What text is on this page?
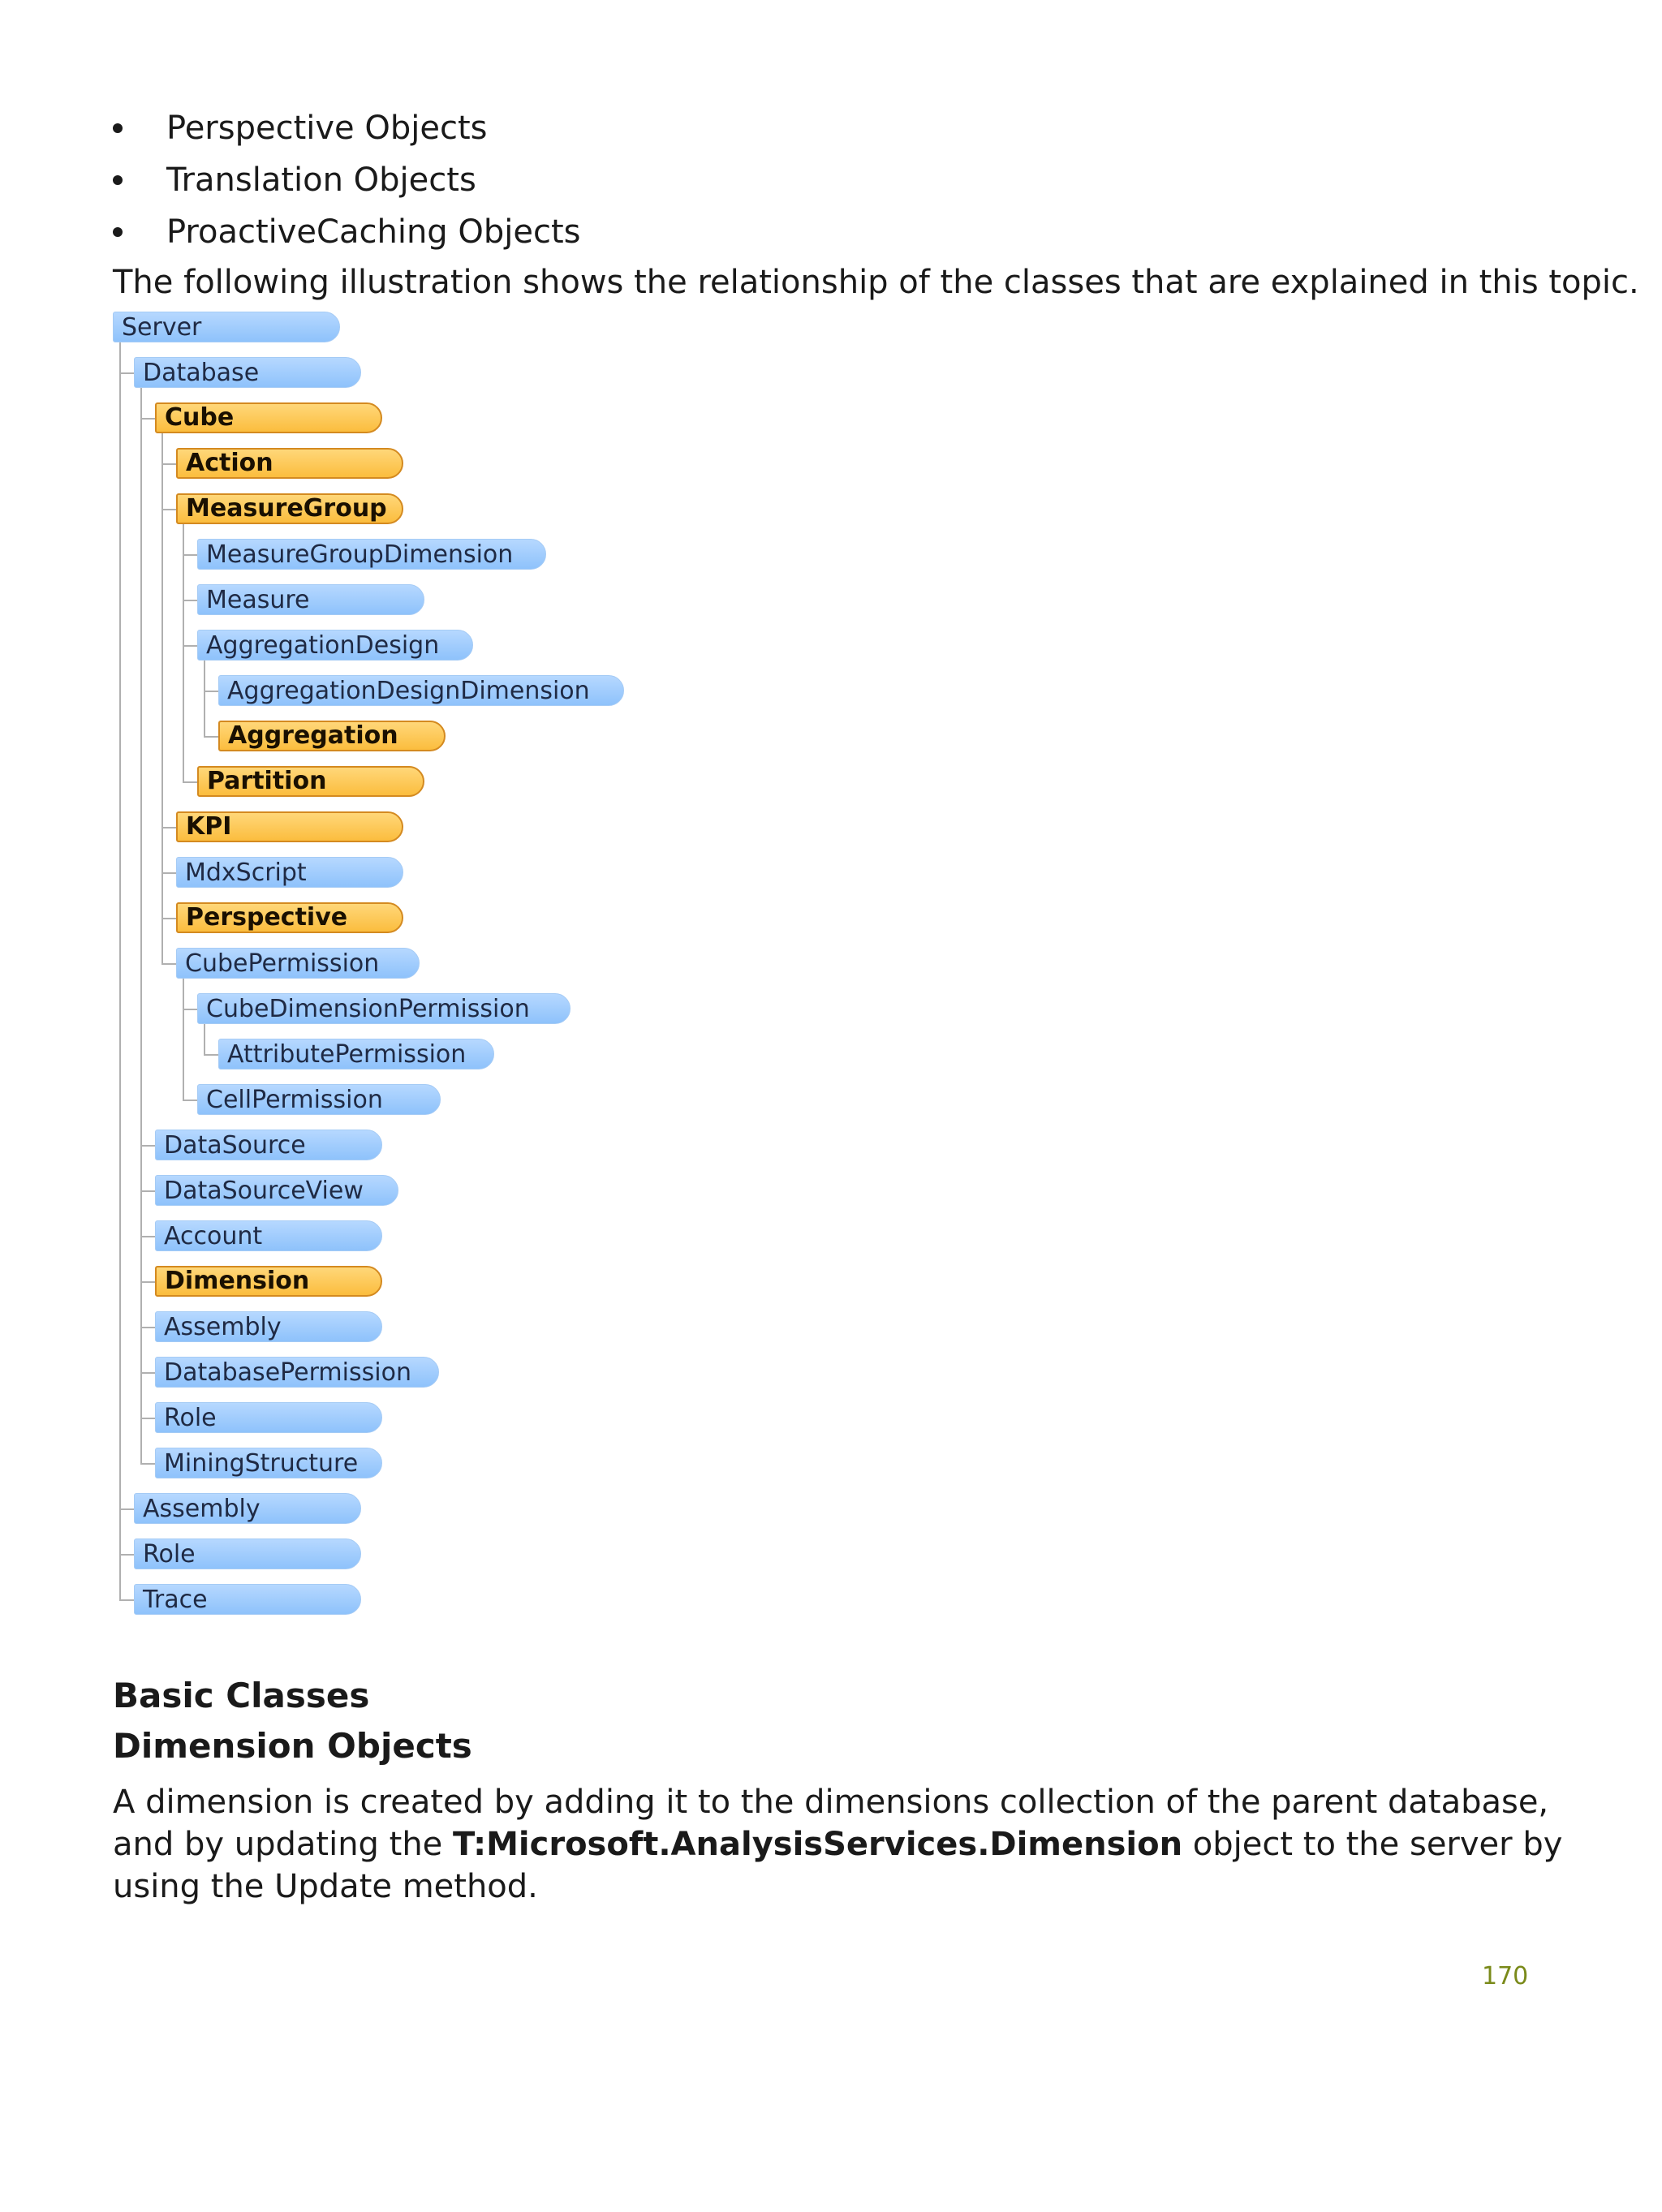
Perspective Objects
Translation Objects
ProactiveCaching Objects
The following illustration shows the relationship of the classes that are explained in this topic.
Server
Database
Cube
Action
MeasureGroup
MeasureGroupDimension
Measure
AggregationDesign
AggregationDesignDimension
Aggregation
Partition
KPI
MdxScript
Perspective
CubePermission
CubeDimensionPermission
AttributePermission
CellPermission
DataSource
DataSourceView
Account
Dimension
Assembly
DatabasePermission
Role
MiningStructure
Assembly
Role
Trace
Basic Classes
Dimension Objects
A dimension is created by adding it to the dimensions collection of the parent database, and by updating the T:Microsoft.AnalysisServices.Dimension object to the server by using the Update method.
170
